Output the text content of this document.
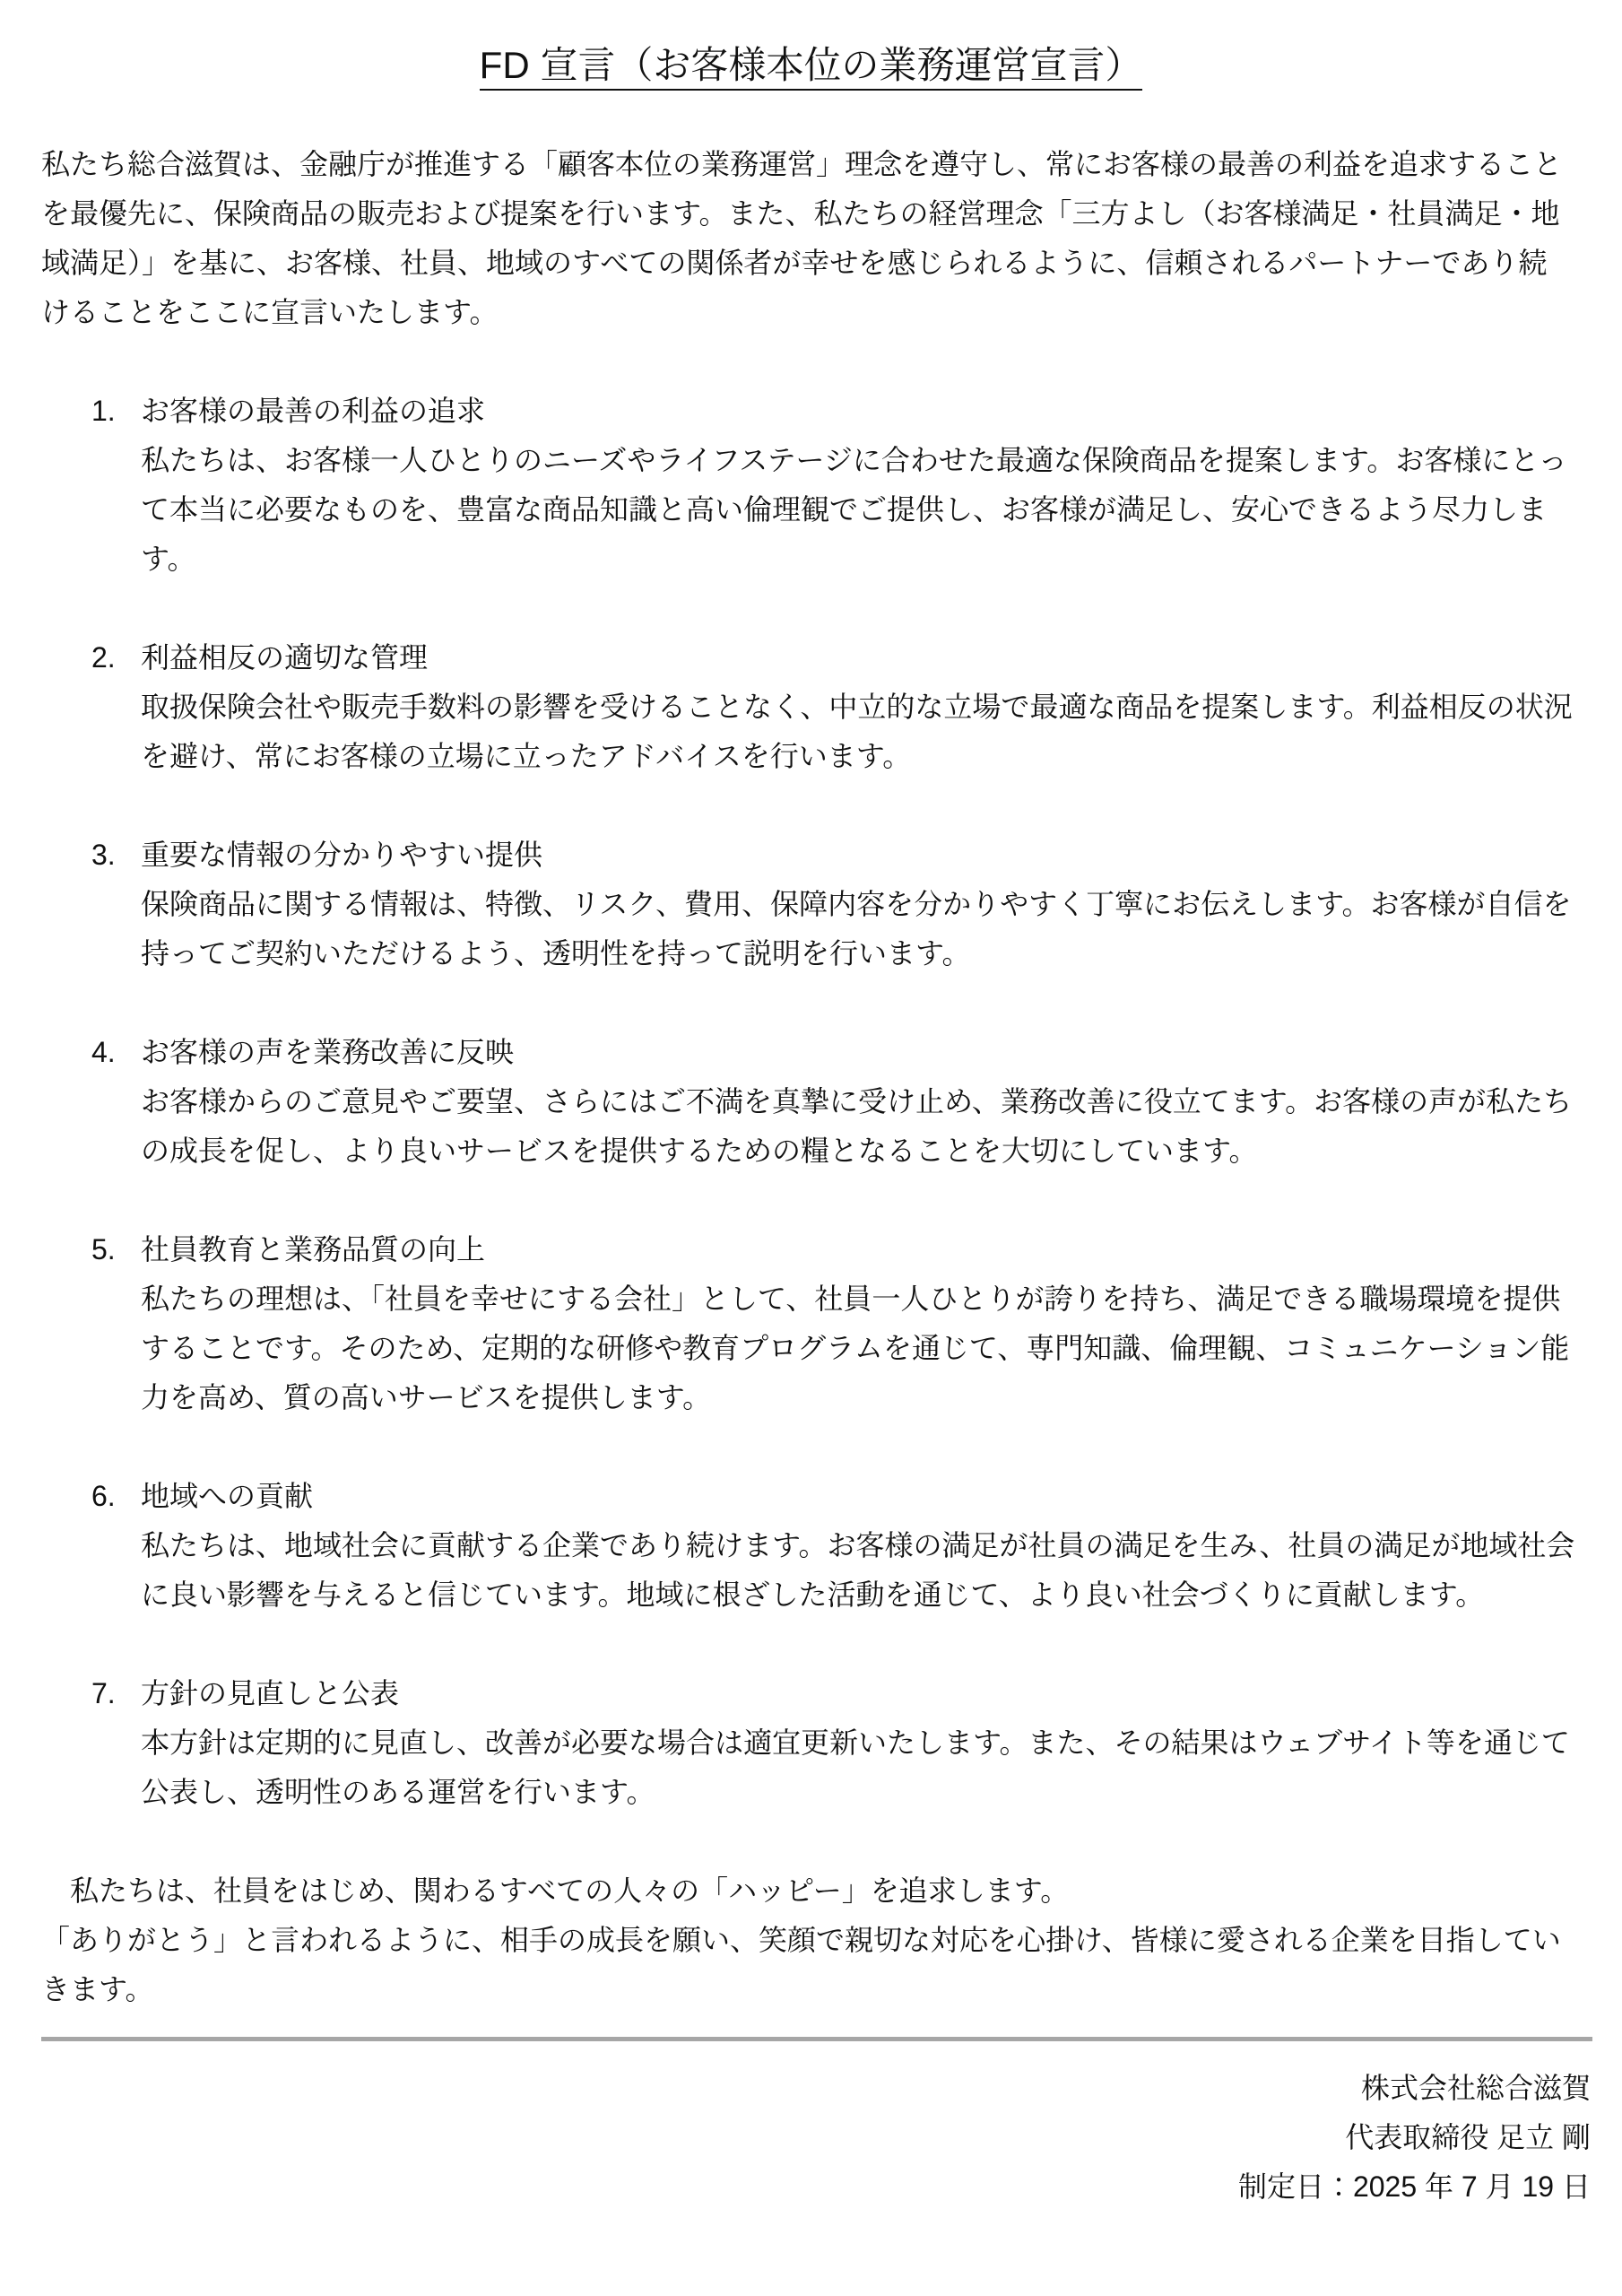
FD 宣言（お客様本位の業務運営宣言）
私たち総合滋賀は、金融庁が推進する「顧客本位の業務運営」理念を遵守し、常にお客様の最善の利益を追求すること
を最優先に、保険商品の販売および提案を行います。また、私たちの経営理念「三方よし（お客様満足・社員満足・地
域満足）」を基に、お客様、社員、地域のすべての関係者が幸せを感じられるように、信頼されるパートナーであり続
けることをここに宣言いたします。
1. お客様の最善の利益の追求
私たちは、お客様一人ひとりのニーズやライフステージに合わせた最適な保険商品を提案します。お客様にとっ
て本当に必要なものを、豊富な商品知識と高い倫理観でご提供し、お客様が満足し、安心できるよう尽力しま
す。
2. 利益相反の適切な管理
取扱保険会社や販売手数料の影響を受けることなく、中立的な立場で最適な商品を提案します。利益相反の状況
を避け、常にお客様の立場に立ったアドバイスを行います。
3. 重要な情報の分かりやすい提供
保険商品に関する情報は、特徴、リスク、費用、保障内容を分かりやすく丁寧にお伝えします。お客様が自信を
持ってご契約いただけるよう、透明性を持って説明を行います。
4. お客様の声を業務改善に反映
お客様からのご意見やご要望、さらにはご不満を真摯に受け止め、業務改善に役立てます。お客様の声が私たち
の成長を促し、より良いサービスを提供するための糧となることを大切にしています。
5. 社員教育と業務品質の向上
私たちの理想は、「社員を幸せにする会社」として、社員一人ひとりが誇りを持ち、満足できる職場環境を提供
することです。そのため、定期的な研修や教育プログラムを通じて、専門知識、倫理観、コミュニケーション能
力を高め、質の高いサービスを提供します。
6. 地域への貢献
私たちは、地域社会に貢献する企業であり続けます。お客様の満足が社員の満足を生み、社員の満足が地域社会
に良い影響を与えると信じています。地域に根ざした活動を通じて、より良い社会づくりに貢献します。
7. 方針の見直しと公表
本方針は定期的に見直し、改善が必要な場合は適宜更新いたします。また、その結果はウェブサイト等を通じて
公表し、透明性のある運営を行います。
私たちは、社員をはじめ、関わるすべての人々の「ハッピー」を追求します。
「ありがとう」と言われるように、相手の成長を願い、笑顔で親切な対応を心掛け、皆様に愛される企業を目指してい
きます。
株式会社総合滋賀
代表取締役 足立 剛
制定日：2025 年 7 月 19 日
